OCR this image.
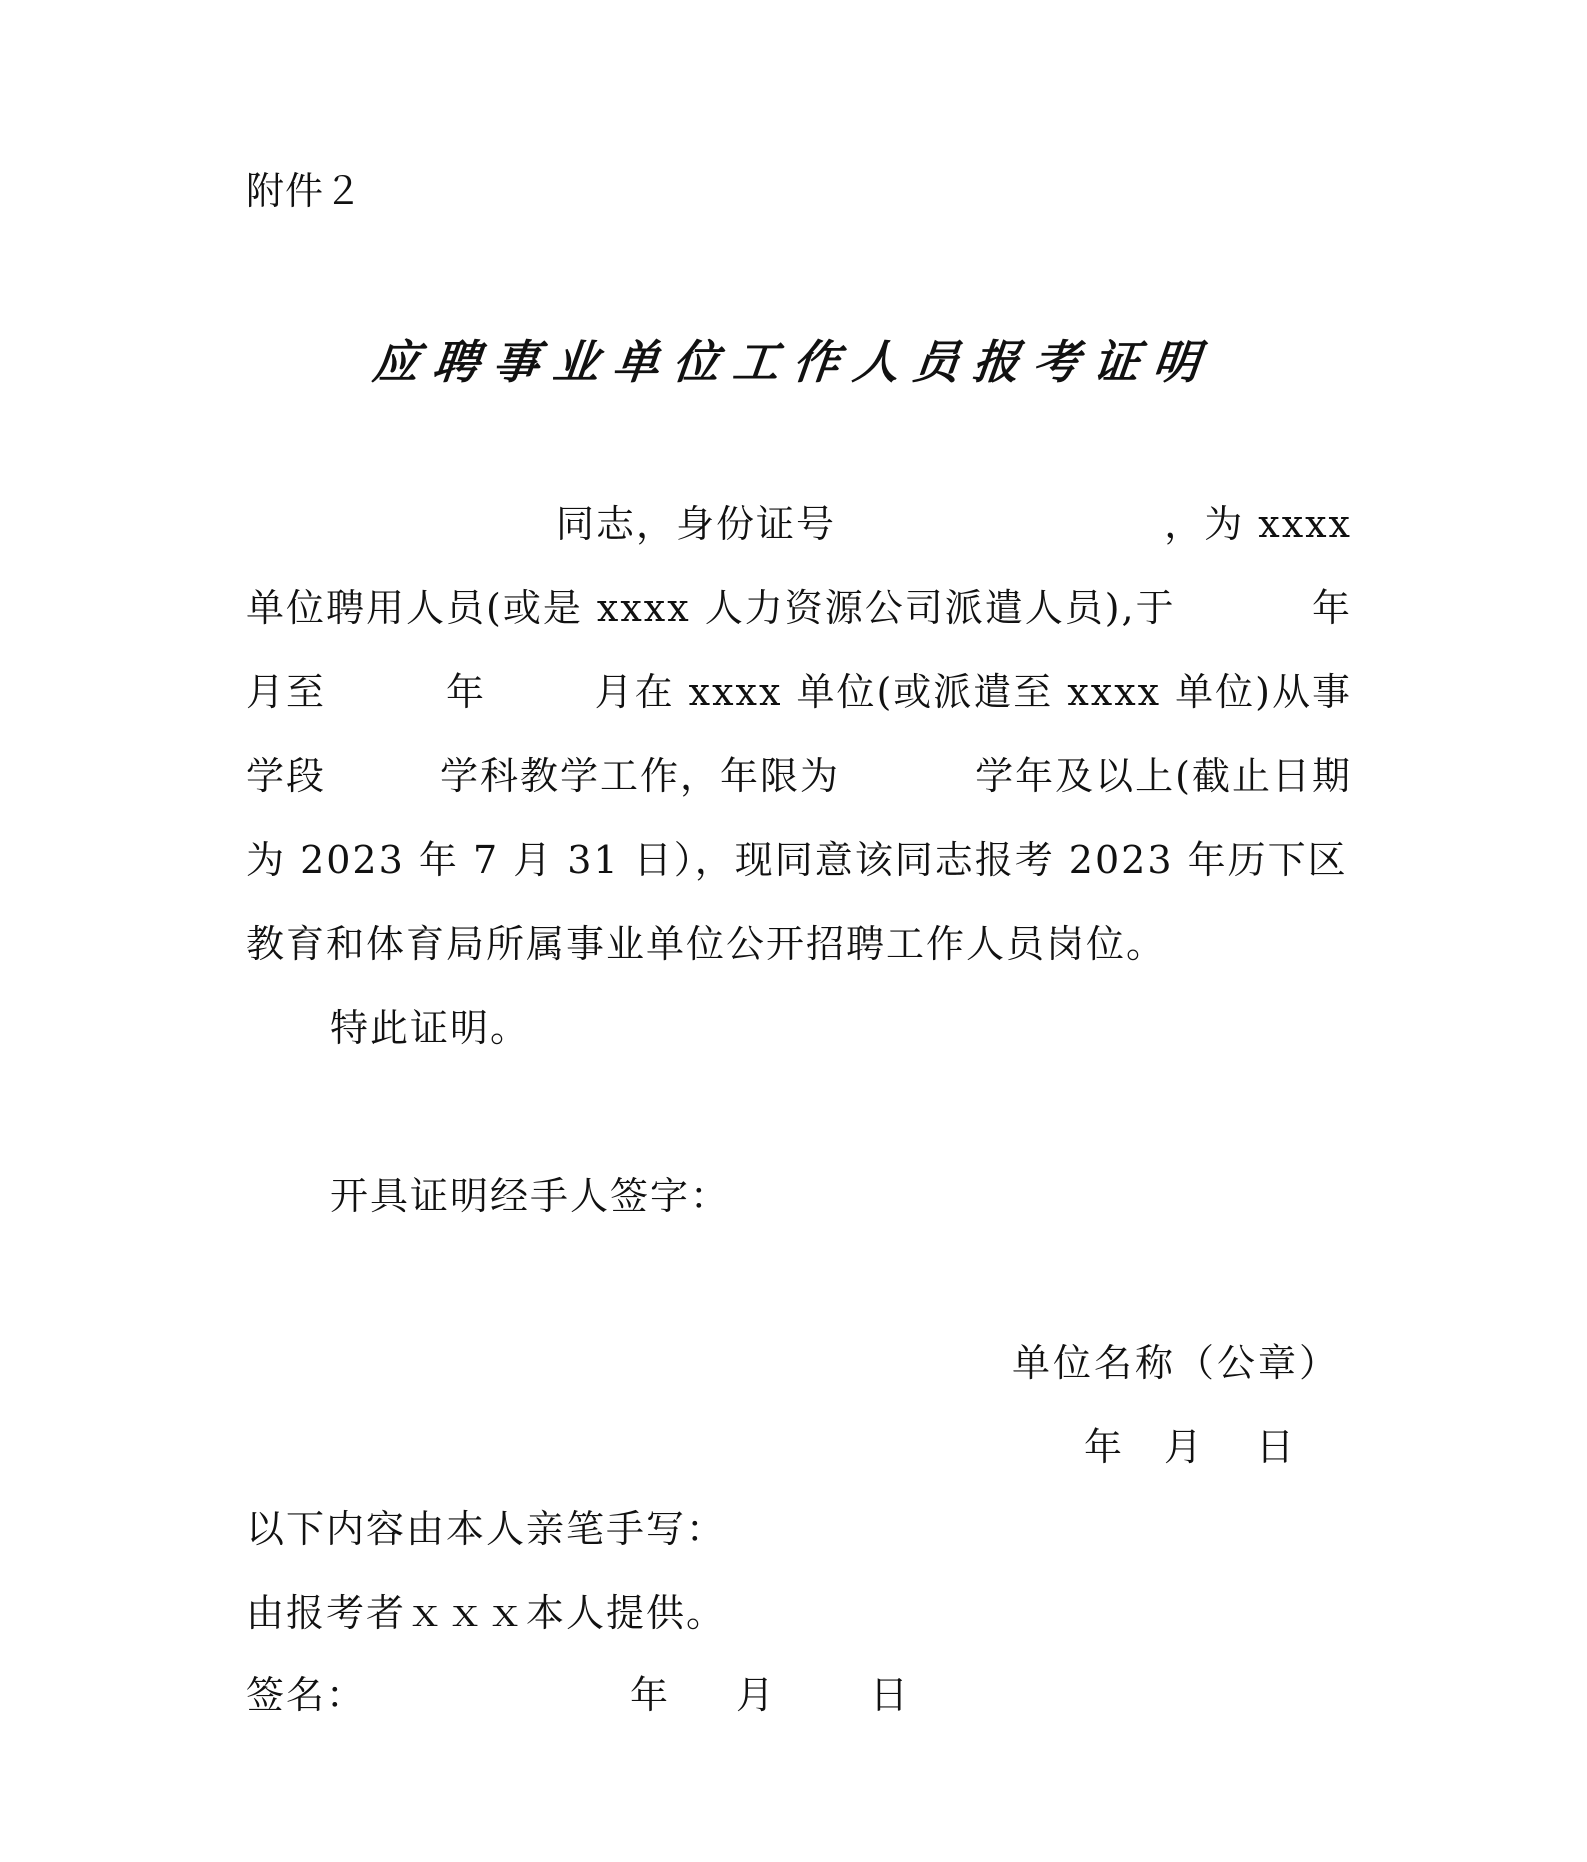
附件２
应聘事业单位工作人员报考证明
同志，身份证号	，为 xxxx
单位聘用人员(或是 xxxx 人力资源公司派遣人员),于	年
月至	年	月在 xxxx 单位(或派遣至 xxxx 单位)从事
学段	学科教学工作，年限为	学年及以上(截止日期
为 2023 年 7 月 31 日），现同意该同志报考 2023 年历下区
教育和体育局所属事业单位公开招聘工作人员岗位。
特此证明。
开具证明经手人签字：
单位名称（公章）
年 月 日
以下内容由本人亲笔手写：
由报考者ｘｘｘ本人提供。
签名：	年 月 日
